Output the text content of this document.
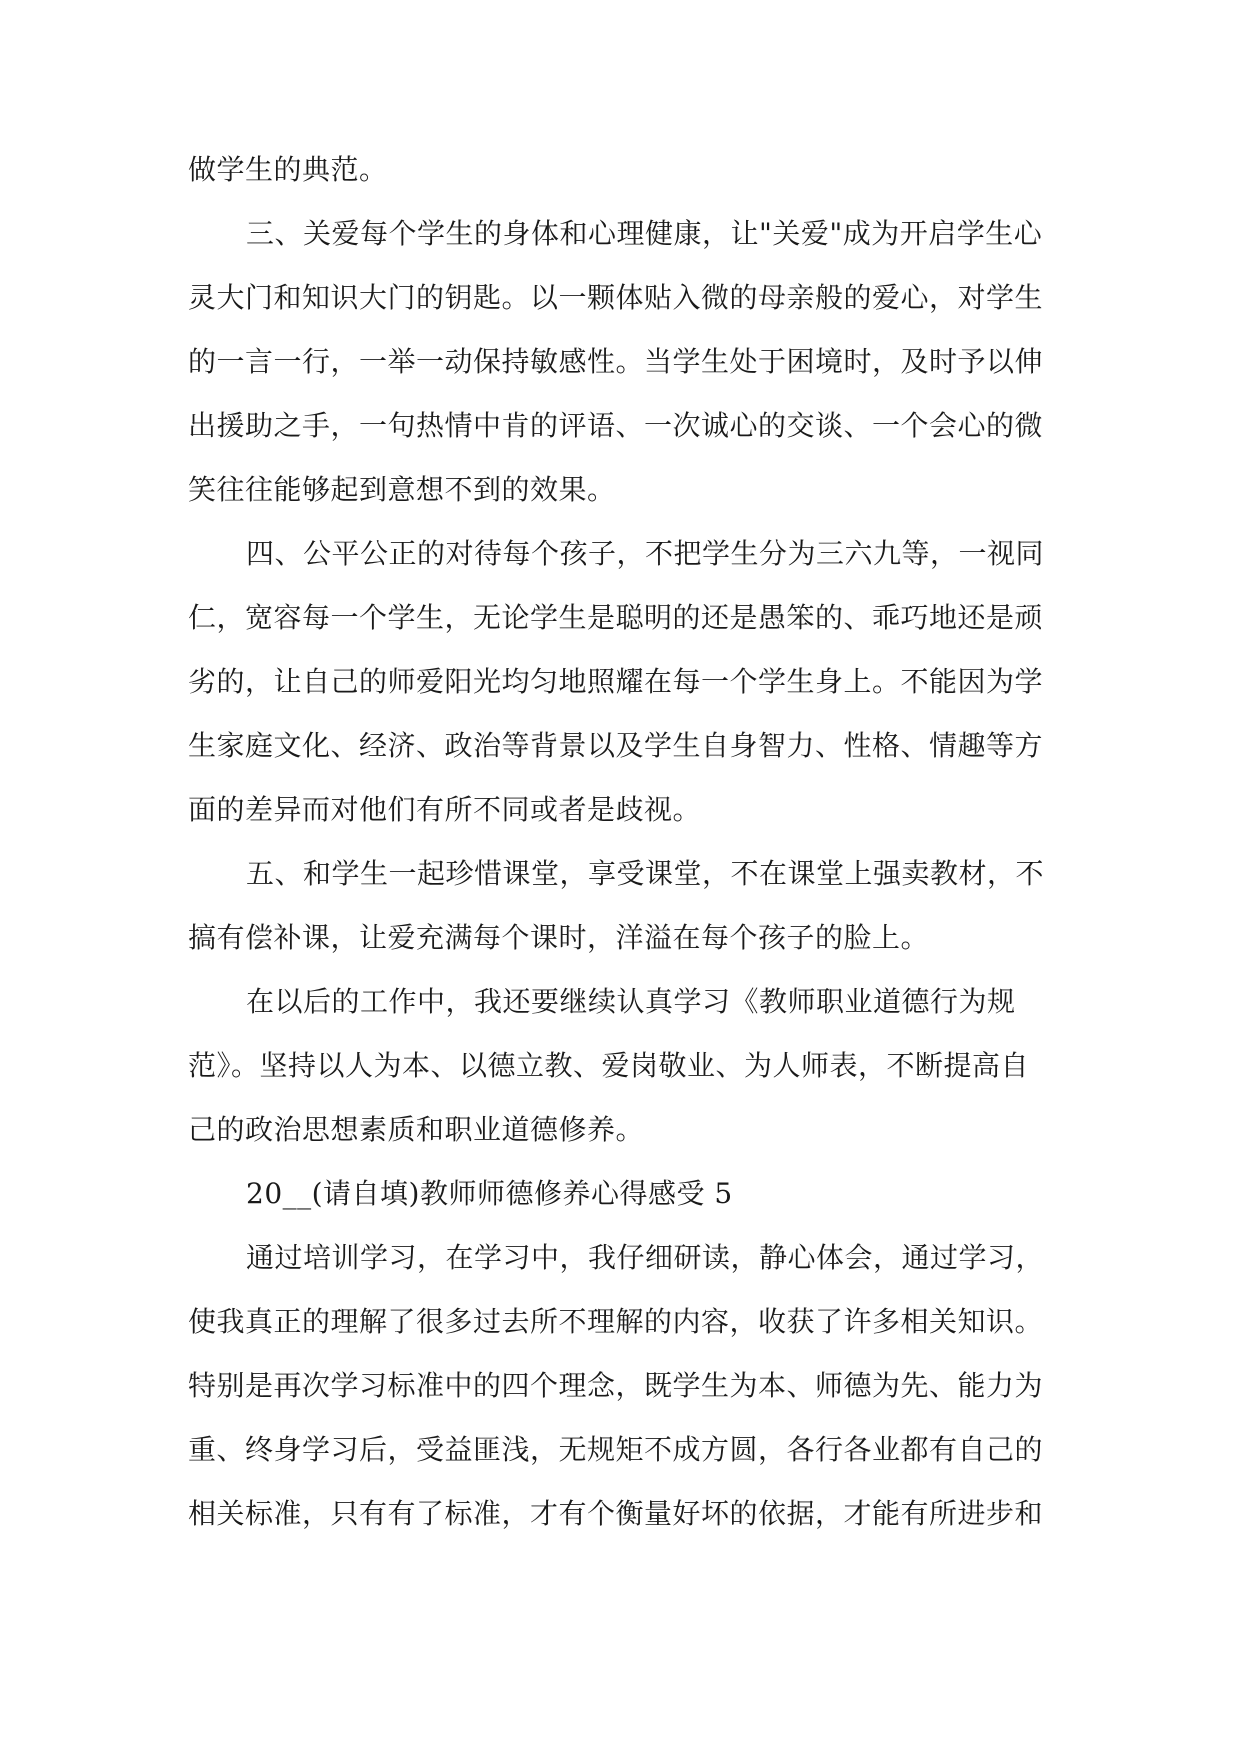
做学生的典范。
三、关爱每个学生的身体和心理健康，让"关爱"成为开启学生心
灵大门和知识大门的钥匙。以一颗体贴入微的母亲般的爱心，对学生
的一言一行，一举一动保持敏感性。当学生处于困境时，及时予以伸
出援助之手，一句热情中肯的评语、一次诚心的交谈、一个会心的微
笑往往能够起到意想不到的效果。
四、公平公正的对待每个孩子，不把学生分为三六九等，一视同
仁，宽容每一个学生，无论学生是聪明的还是愚笨的、乖巧地还是顽
劣的，让自己的师爱阳光均匀地照耀在每一个学生身上。不能因为学
生家庭文化、经济、政治等背景以及学生自身智力、性格、情趣等方
面的差异而对他们有所不同或者是歧视。
五、和学生一起珍惜课堂，享受课堂，不在课堂上强卖教材，不
搞有偿补课，让爱充满每个课时，洋溢在每个孩子的脸上。
在以后的工作中，我还要继续认真学习《教师职业道德行为规
范》。坚持以人为本、以德立教、爱岗敬业、为人师表，不断提高自
己的政治思想素质和职业道德修养。
20__(请自填)教师师德修养心得感受 5
通过培训学习，在学习中，我仔细研读，静心体会，通过学习，
使我真正的理解了很多过去所不理解的内容，收获了许多相关知识。
特别是再次学习标准中的四个理念，既学生为本、师德为先、能力为
重、终身学习后，受益匪浅，无规矩不成方圆，各行各业都有自己的
相关标准，只有有了标准，才有个衡量好坏的依据，才能有所进步和
